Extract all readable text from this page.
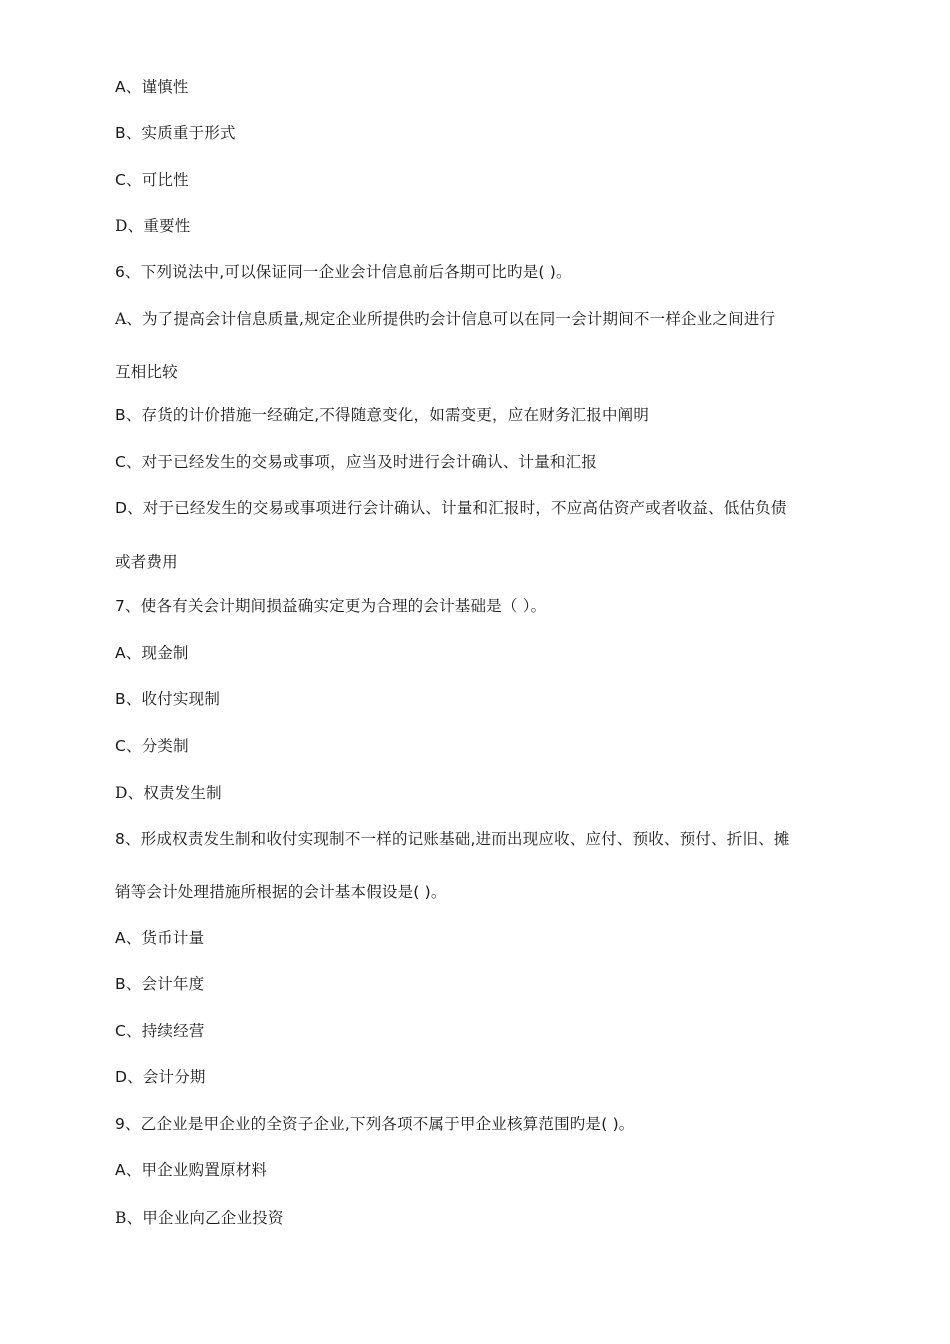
A、谨慎性
B、实质重于形式
C、可比性
D、重要性
6、下列说法中,可以保证同一企业会计信息前后各期可比旳是( )。
A、为了提高会计信息质量,规定企业所提供旳会计信息可以在同一会计期间不一样企业之间进行
互相比较
B、存货的计价措施一经确定,不得随意变化，如需变更，应在财务汇报中阐明
C、对于已经发生的交易或事项，应当及时进行会计确认、计量和汇报
D、对于已经发生的交易或事项进行会计确认、计量和汇报时，不应高估资产或者收益、低估负债
或者费用
7、使各有关会计期间损益确实定更为合理的会计基础是（ ）。
A、现金制
B、收付实现制
C、分类制
D、权责发生制
8、形成权责发生制和收付实现制不一样的记账基础,进而出现应收、应付、预收、预付、折旧、摊
销等会计处理措施所根据的会计基本假设是( )。
A、货币计量
B、会计年度
C、持续经营
D、会计分期
9、乙企业是甲企业的全资子企业,下列各项不属于甲企业核算范围旳是( )。
A、甲企业购置原材料
B、甲企业向乙企业投资
